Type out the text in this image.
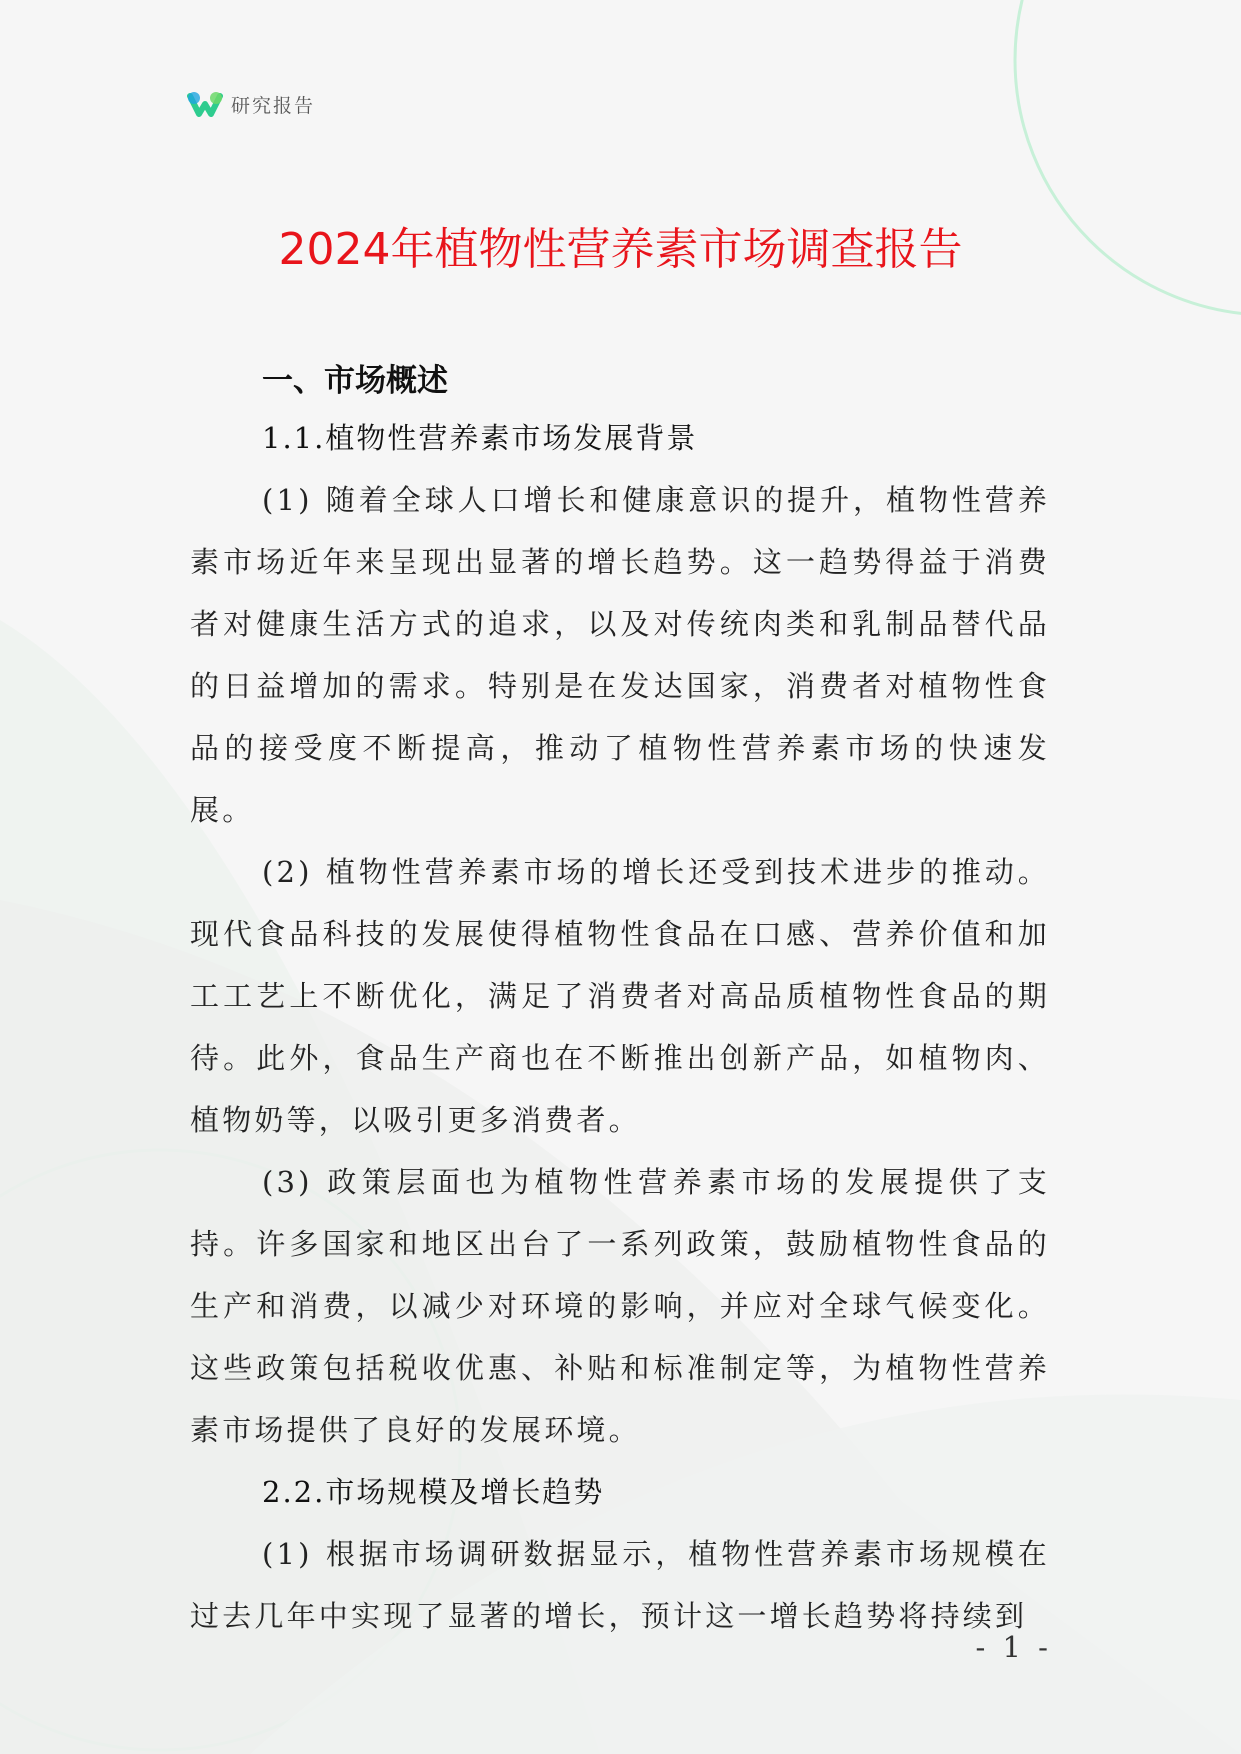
研究报告
2024年植物性营养素市场调查报告
一、市场概述
1.1.植物性营养素市场发展背景

(1) 随着全球人口增长和健康意识的提升，植物性营养素市场近年来呈现出显著的增长趋势。这一趋势得益于消费者对健康生活方式的追求，以及对传统肉类和乳制品替代品的日益增加的需求。特别是在发达国家，消费者对植物性食品的接受度不断提高，推动了植物性营养素市场的快速发展。

(2) 植物性营养素市场的增长还受到技术进步的推动。现代食品科技的发展使得植物性食品在口感、营养价值和加工工艺上不断优化，满足了消费者对高品质植物性食品的期待。此外，食品生产商也在不断推出创新产品，如植物肉、植物奶等，以吸引更多消费者。

(3) 政策层面也为植物性营养素市场的发展提供了支持。许多国家和地区出台了一系列政策，鼓励植物性食品的生产和消费，以减少对环境的影响，并应对全球气候变化。这些政策包括税收优惠、补贴和标准制定等，为植物性营养素市场提供了良好的发展环境。

2.2.市场规模及增长趋势

(1) 根据市场调研数据显示，植物性营养素市场规模在过去几年中实现了显著的增长，预计这一增长趋势将持续到

- 1 -
